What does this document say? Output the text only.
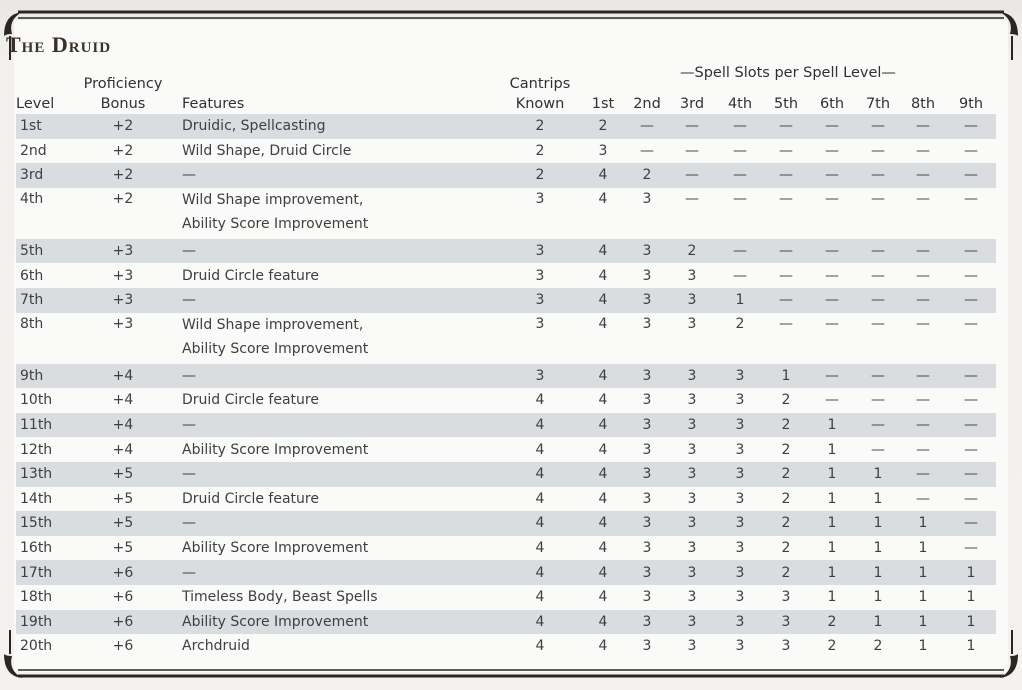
The Druid
—Spell Slots per Spell Level—
	Proficiency		Cantrips									
Level	Bonus	Features	Known	1st	2nd	3rd	4th	5th	6th	7th	8th	9th
1st	+2	Druidic, Spellcasting	2	2	—	—	—	—	—	—	—	—
2nd	+2	Wild Shape, Druid Circle	2	3	—	—	—	—	—	—	—	—
3rd	+2	—	2	4	2	—	—	—	—	—	—	—
4th	+2	Wild Shape improvement,
Ability Score Improvement	3	4	3	—	—	—	—	—	—	—
5th	+3	—	3	4	3	2	—	—	—	—	—	—
6th	+3	Druid Circle feature	3	4	3	3	—	—	—	—	—	—
7th	+3	—	3	4	3	3	1	—	—	—	—	—
8th	+3	Wild Shape improvement,
Ability Score Improvement	3	4	3	3	2	—	—	—	—	—
9th	+4	—	3	4	3	3	3	1	—	—	—	—
10th	+4	Druid Circle feature	4	4	3	3	3	2	—	—	—	—
11th	+4	—	4	4	3	3	3	2	1	—	—	—
12th	+4	Ability Score Improvement	4	4	3	3	3	2	1	—	—	—
13th	+5	—	4	4	3	3	3	2	1	1	—	—
14th	+5	Druid Circle feature	4	4	3	3	3	2	1	1	—	—
15th	+5	—	4	4	3	3	3	2	1	1	1	—
16th	+5	Ability Score Improvement	4	4	3	3	3	2	1	1	1	—
17th	+6	—	4	4	3	3	3	2	1	1	1	1
18th	+6	Timeless Body, Beast Spells	4	4	3	3	3	3	1	1	1	1
19th	+6	Ability Score Improvement	4	4	3	3	3	3	2	1	1	1
20th	+6	Archdruid	4	4	3	3	3	3	2	2	1	1
